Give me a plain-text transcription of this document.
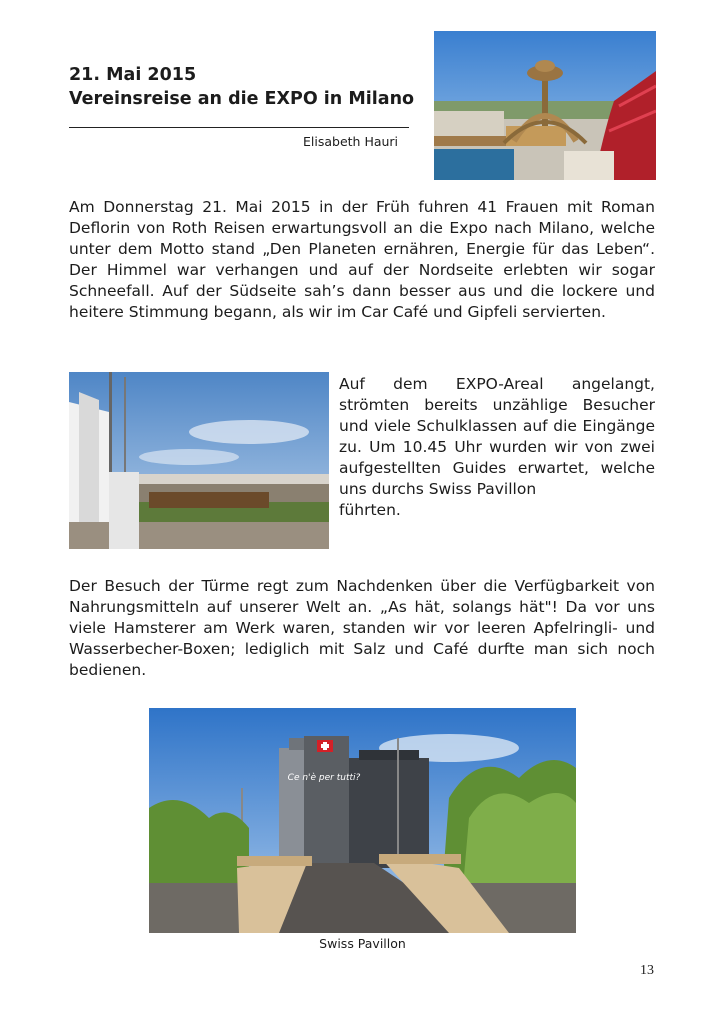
21. Mai 2015
Vereinsreise an die EXPO in Milano
Elisabeth Hauri

Am Donnerstag 21. Mai 2015 in der Früh fuhren 41 Frauen mit Roman Deflorin von Roth Reisen erwartungsvoll an die Expo nach Milano, welche unter dem Motto stand „Den Planeten ernähren, Energie für das Leben“. Der Himmel war verhangen und auf der Nordseite erlebten wir sogar Schneefall. Auf der Südseite sah’s dann besser aus und die lockere und heitere Stimmung begann, als wir im Car Café und Gipfeli servierten.

Auf dem EXPO-Areal angelangt, strömten bereits unzählige Besucher und viele Schulklassen auf die Eingänge zu. Um 10.45 Uhr wurden wir von zwei aufgestellten Guides erwartet, welche uns durchs Swiss Pavillon
führten.

Der Besuch der Türme regt zum Nachdenken über die Verfügbarkeit von Nahrungsmitteln auf unserer Welt an. „As hät, solangs hät"! Da vor uns viele Hamsterer am Werk waren, standen wir vor leeren Apfelringli- und Wasserbecher-Boxen; lediglich mit Salz und Café durfte man sich noch bedienen.

Ce n'è per tutti?
Swiss Pavillon
13
